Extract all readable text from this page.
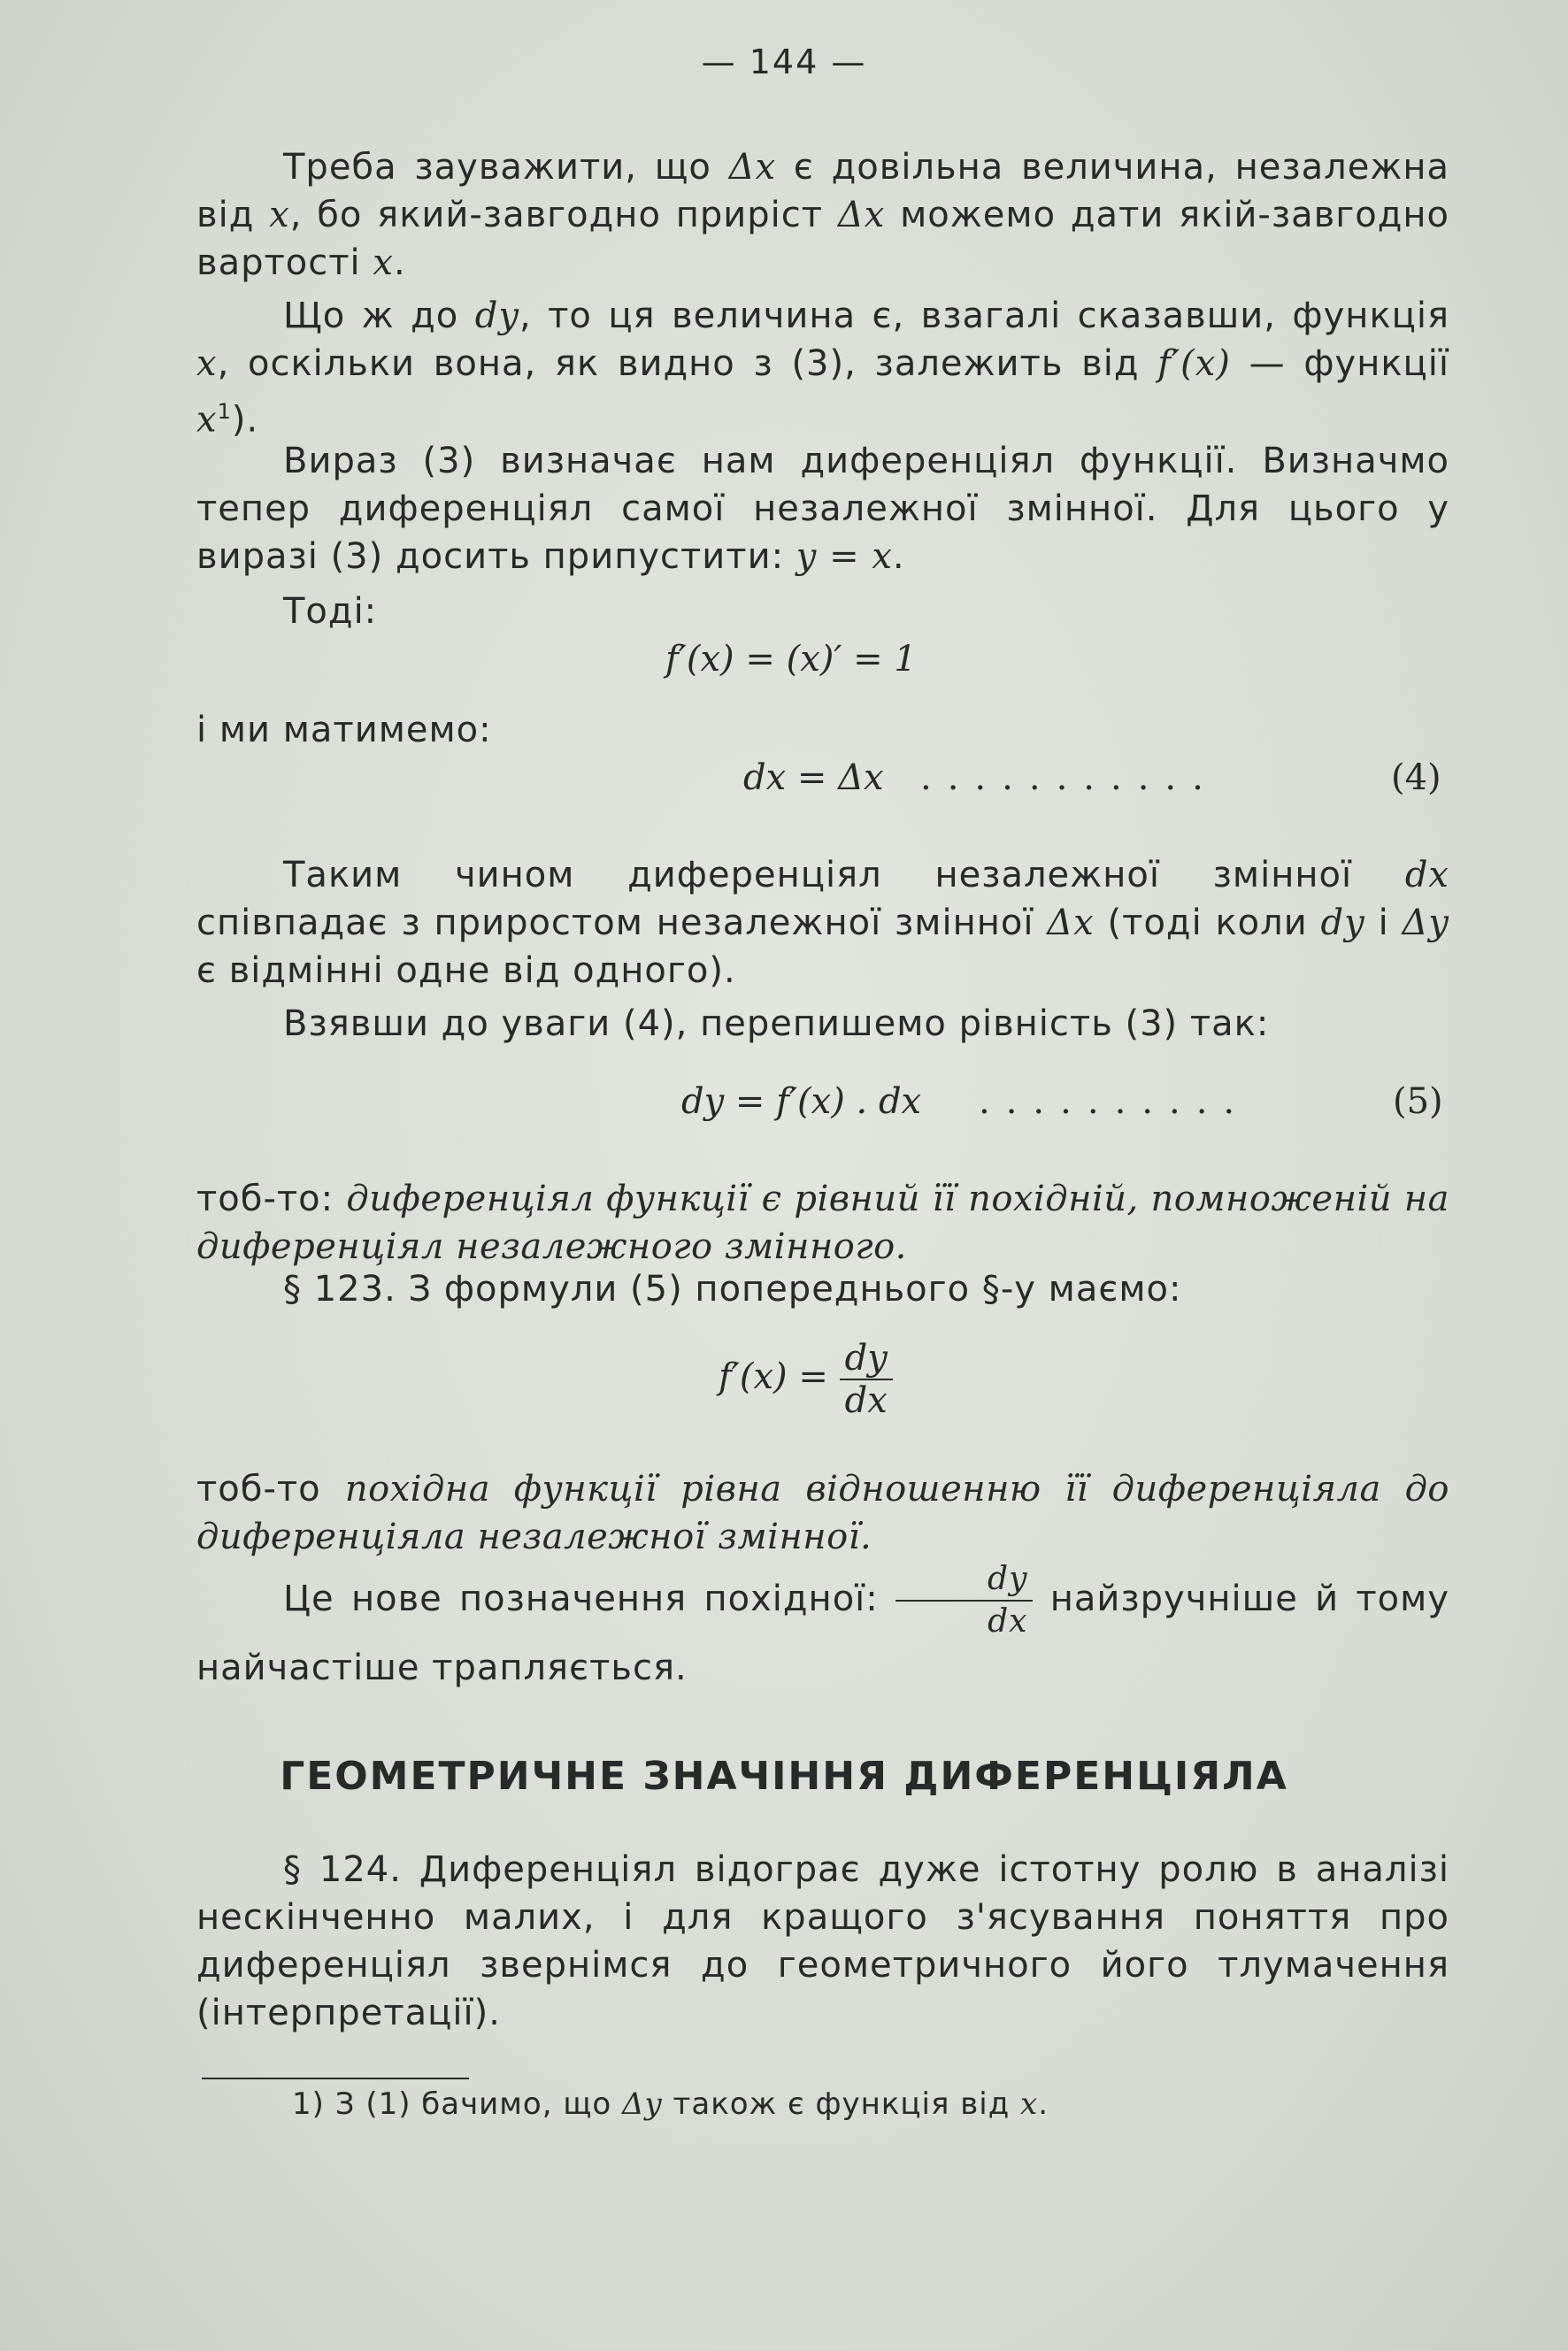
— 144 —
Треба зауважити, що Δx є довільна величина, незалежна від x, бо який-завгодно приріст Δx можемо дати якій-завгодно вартості x.
Що ж до dy, то ця величина є, взагалі сказавши, функція x, оскільки вона, як видно з (3), залежить від f′(x) — функції $x^1$).
Вираз (3) визначає нам диференціял функції. Визначмо тепер диференціял самої незалежної змінної. Для цього у виразі (3) досить припустити: y = x.
Тоді:
f′(x) = (x)′ = 1
і ми матимемо:
dx = Δx ...........	(4)
Таким чином диференціял незалежної змінної dx співпадає з приростом незалежної змінної Δx (тоді коли dy і Δy є відмінні одне від одного).
Взявши до уваги (4), перепишемо рівність (3) так:
dy = f′(x) . dx ..........	(5)
тоб-то: диференціял функції є рівний її похідній, помноженій на диференціял незалежного змінного.
§ 123. З формули (5) попереднього §-у маємо:
$f'(x) = \frac{dy}{dx}$
тоб-то похідна функції рівна відношенню її диференціяла до диференціяла незалежної змінної.
Це нове позначення похідної: $\frac{dy}{dx}$ найзручніше й тому найчастіше трапляється.
ГЕОМЕТРИЧНЕ ЗНАЧІННЯ ДИФЕРЕНЦІЯЛА
§ 124. Диференціял відограє дуже істотну ролю в аналізі нескінченно малих, і для кращого з'ясування поняття про диференціял звернімся до геометричного його тлумачення (інтерпретації).
1) З (1) бачимо, що Δy також є функція від x.
